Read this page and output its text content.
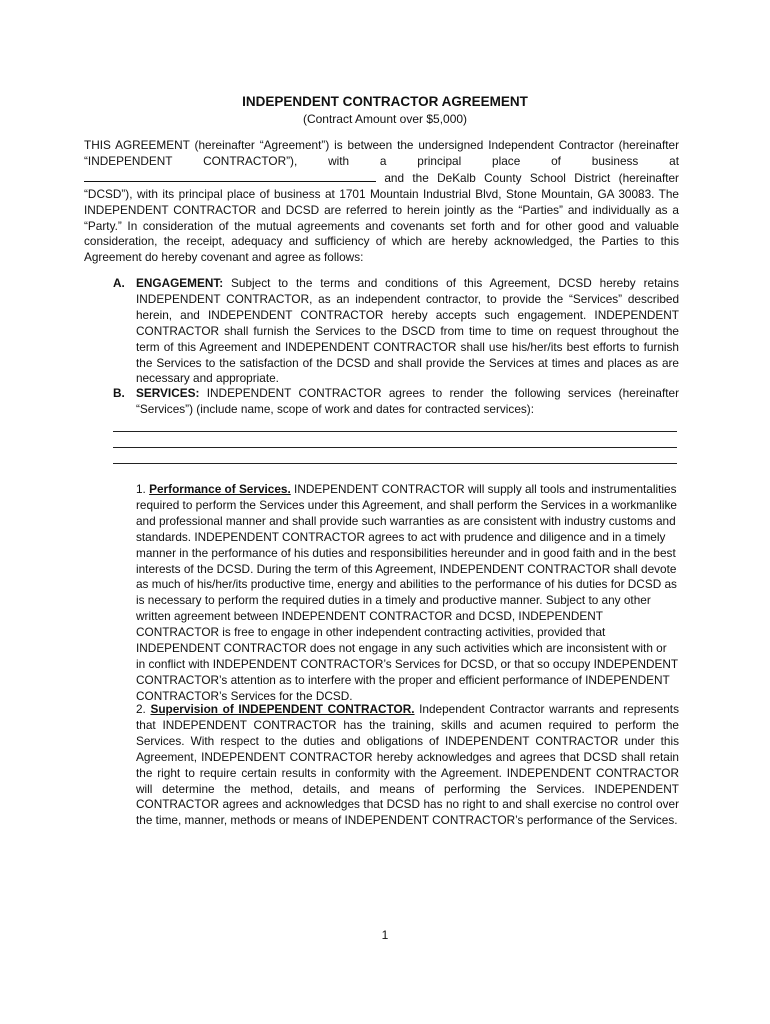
INDEPENDENT CONTRACTOR AGREEMENT
(Contract Amount over $5,000)
THIS AGREEMENT (hereinafter “Agreement”) is between the undersigned Independent Contractor (hereinafter
“INDEPENDENT CONTRACTOR”), with a principal place of business at
and the DeKalb County School District (hereinafter
“DCSD”), with its principal place of business at 1701 Mountain Industrial Blvd, Stone Mountain, GA 30083. The INDEPENDENT CONTRACTOR and DCSD are referred to herein jointly as the “Parties” and individually as a “Party.” In consideration of the mutual agreements and covenants set forth and for other good and valuable consideration, the receipt, adequacy and sufficiency of which are hereby acknowledged, the Parties to this Agreement do hereby covenant and agree as follows:
A. ENGAGEMENT: Subject to the terms and conditions of this Agreement, DCSD hereby retains INDEPENDENT CONTRACTOR, as an independent contractor, to provide the “Services” described herein, and INDEPENDENT CONTRACTOR hereby accepts such engagement. INDEPENDENT CONTRACTOR shall furnish the Services to the DSCD from time to time on request throughout the term of this Agreement and INDEPENDENT CONTRACTOR shall use his/her/its best efforts to furnish the Services to the satisfaction of the DCSD and shall provide the Services at times and places as are necessary and appropriate.
B. SERVICES: INDEPENDENT CONTRACTOR agrees to render the following services (hereinafter “Services”) (include name, scope of work and dates for contracted services):
1. Performance of Services. INDEPENDENT CONTRACTOR will supply all tools and instrumentalities required to perform the Services under this Agreement, and shall perform the Services in a workmanlike and professional manner and shall provide such warranties as are consistent with industry customs and standards. INDEPENDENT CONTRACTOR agrees to act with prudence and diligence and in a timely manner in the performance of his duties and responsibilities hereunder and in good faith and in the best interests of the DCSD. During the term of this Agreement, INDEPENDENT CONTRACTOR shall devote as much of his/her/its productive time, energy and abilities to the performance of his duties for DCSD as is necessary to perform the required duties in a timely and productive manner. Subject to any other written agreement between INDEPENDENT CONTRACTOR and DCSD, INDEPENDENT CONTRACTOR is free to engage in other independent contracting activities, provided that INDEPENDENT CONTRACTOR does not engage in any such activities which are inconsistent with or in conflict with INDEPENDENT CONTRACTOR’s Services for DCSD, or that so occupy INDEPENDENT CONTRACTOR’s attention as to interfere with the proper and efficient performance of INDEPENDENT CONTRACTOR’s Services for the DCSD.
2. Supervision of INDEPENDENT CONTRACTOR. Independent Contractor warrants and represents that INDEPENDENT CONTRACTOR has the training, skills and acumen required to perform the Services. With respect to the duties and obligations of INDEPENDENT CONTRACTOR under this Agreement, INDEPENDENT CONTRACTOR hereby acknowledges and agrees that DCSD shall retain the right to require certain results in conformity with the Agreement. INDEPENDENT CONTRACTOR will determine the method, details, and means of performing the Services. INDEPENDENT CONTRACTOR agrees and acknowledges that DCSD has no right to and shall exercise no control over the time, manner, methods or means of INDEPENDENT CONTRACTOR’s performance of the Services.
1
